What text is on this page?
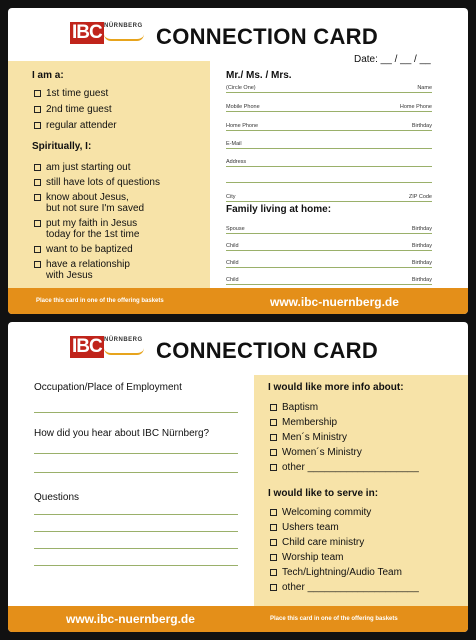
IBC NÜRNBERG CONNECTION CARD
I am a:
1st time guest
2nd time guest
regular attender
Spiritually, I:
am just starting out
still have lots of questions
know about Jesus,
but not sure I'm saved
put my faith in Jesus
today for the 1st time
want to be baptized
have a relationship
with Jesus
Date: __ / __ / __
Mr./ Ms. / Mrs.
(Circle One)	Name
Mobile Phone	Home Phone
Home Phone	Birthday
E-Mail
Address
City	ZIP Code
Family living at home:
Spouse	Birthday
Child	Birthday
Child	Birthday
Child	Birthday
Place this card in one of the offering baskets	www.ibc-nuernberg.de
IBC NÜRNBERG CONNECTION CARD
Occupation/Place of Employment
How did you hear about IBC Nürnberg?
Questions
I would like more info about:
Baptism
Membership
Men´s Ministry
Women´s Ministry
other ____________________
I would like to serve in:
Welcoming commity
Ushers team
Child care ministry
Worship team
Tech/Lightning/Audio Team
other ____________________
www.ibc-nuernberg.de	Place this card in one of the offering baskets
